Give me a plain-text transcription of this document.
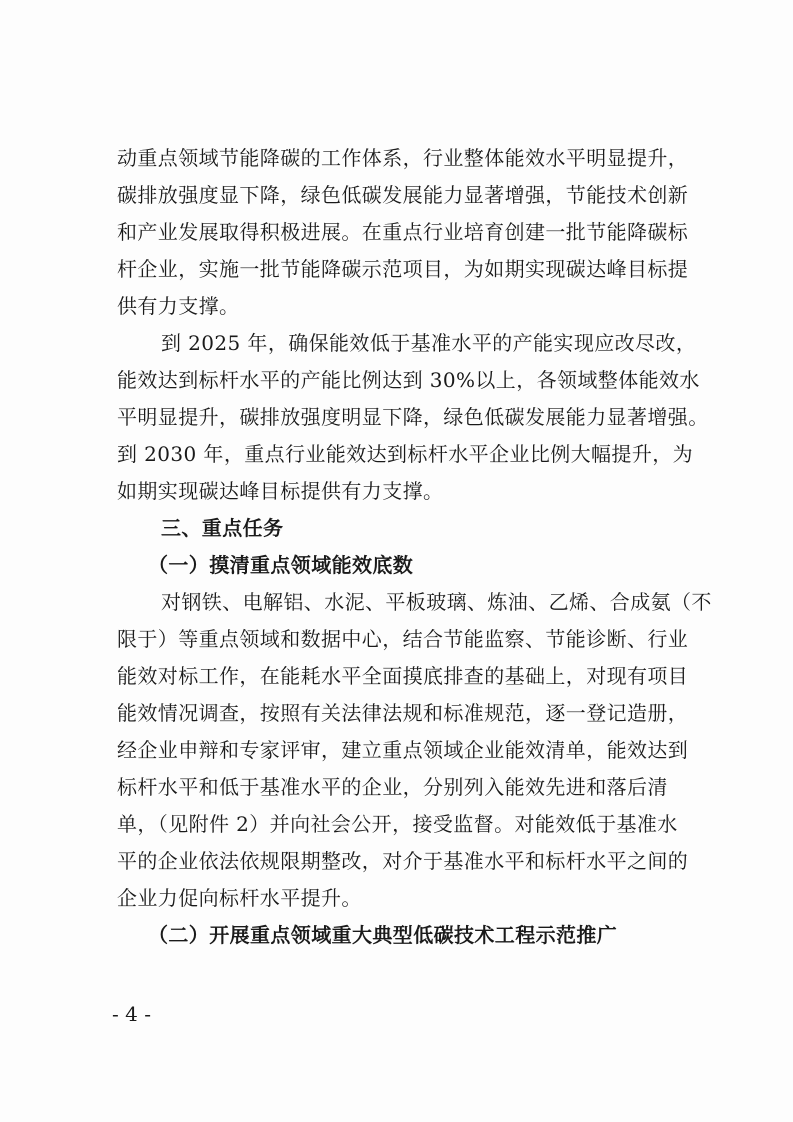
动重点领域节能降碳的工作体系，行业整体能效水平明显提升，
碳排放强度显下降，绿色低碳发展能力显著增强，节能技术创新
和产业发展取得积极进展。在重点行业培育创建一批节能降碳标
杆企业，实施一批节能降碳示范项目，为如期实现碳达峰目标提
供有力支撑。
到 2025 年，确保能效低于基准水平的产能实现应改尽改，
能效达到标杆水平的产能比例达到 30%以上，各领域整体能效水
平明显提升，碳排放强度明显下降，绿色低碳发展能力显著增强。
到 2030 年，重点行业能效达到标杆水平企业比例大幅提升，为
如期实现碳达峰目标提供有力支撑。
三、重点任务
（一）摸清重点领域能效底数
对钢铁、电解铝、水泥、平板玻璃、炼油、乙烯、合成氨（不
限于）等重点领域和数据中心，结合节能监察、节能诊断、行业
能效对标工作，在能耗水平全面摸底排查的基础上，对现有项目
能效情况调查，按照有关法律法规和标准规范，逐一登记造册，
经企业申辩和专家评审，建立重点领域企业能效清单，能效达到
标杆水平和低于基准水平的企业，分别列入能效先进和落后清
单，（见附件 2）并向社会公开，接受监督。对能效低于基准水
平的企业依法依规限期整改，对介于基准水平和标杆水平之间的
企业力促向标杆水平提升。
（二）开展重点领域重大典型低碳技术工程示范推广
- 4 -
